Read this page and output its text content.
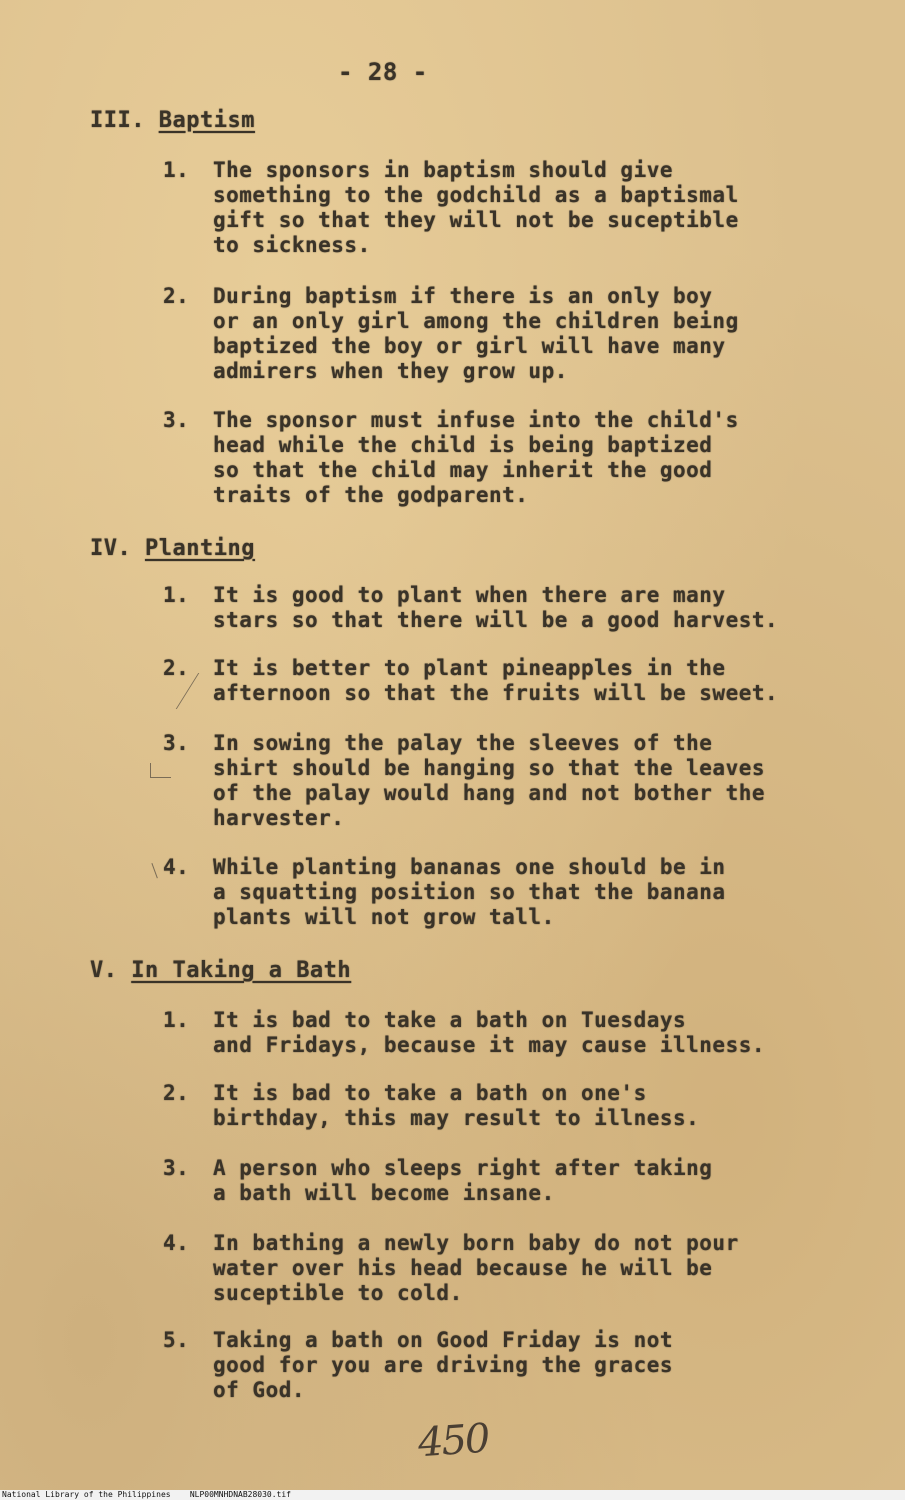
- 28 -
III. Baptism
1. The sponsors in baptism should give
something to the godchild as a baptismal
gift so that they will not be suceptible
to sickness.
2. During baptism if there is an only boy
or an only girl among the children being
baptized the boy or girl will have many
admirers when they grow up.
3. The sponsor must infuse into the child's
head while the child is being baptized
so that the child may inherit the good
traits of the godparent.
IV. Planting
1. It is good to plant when there are many
stars so that there will be a good harvest.
2. It is better to plant pineapples in the
afternoon so that the fruits will be sweet.
3. In sowing the palay the sleeves of the
shirt should be hanging so that the leaves
of the palay would hang and not bother the
harvester.
4. While planting bananas one should be in
a squatting position so that the banana
plants will not grow tall.
V. In Taking a Bath
1. It is bad to take a bath on Tuesdays
and Fridays, because it may cause illness.
2. It is bad to take a bath on one's
birthday, this may result to illness.
3. A person who sleeps right after taking
a bath will become insane.
4. In bathing a newly born baby do not pour
water over his head because he will be
suceptible to cold.
5. Taking a bath on Good Friday is not
good for you are driving the graces
of God.
450
National Library of the Philippines NLP00MNHDNAB28030.tif
